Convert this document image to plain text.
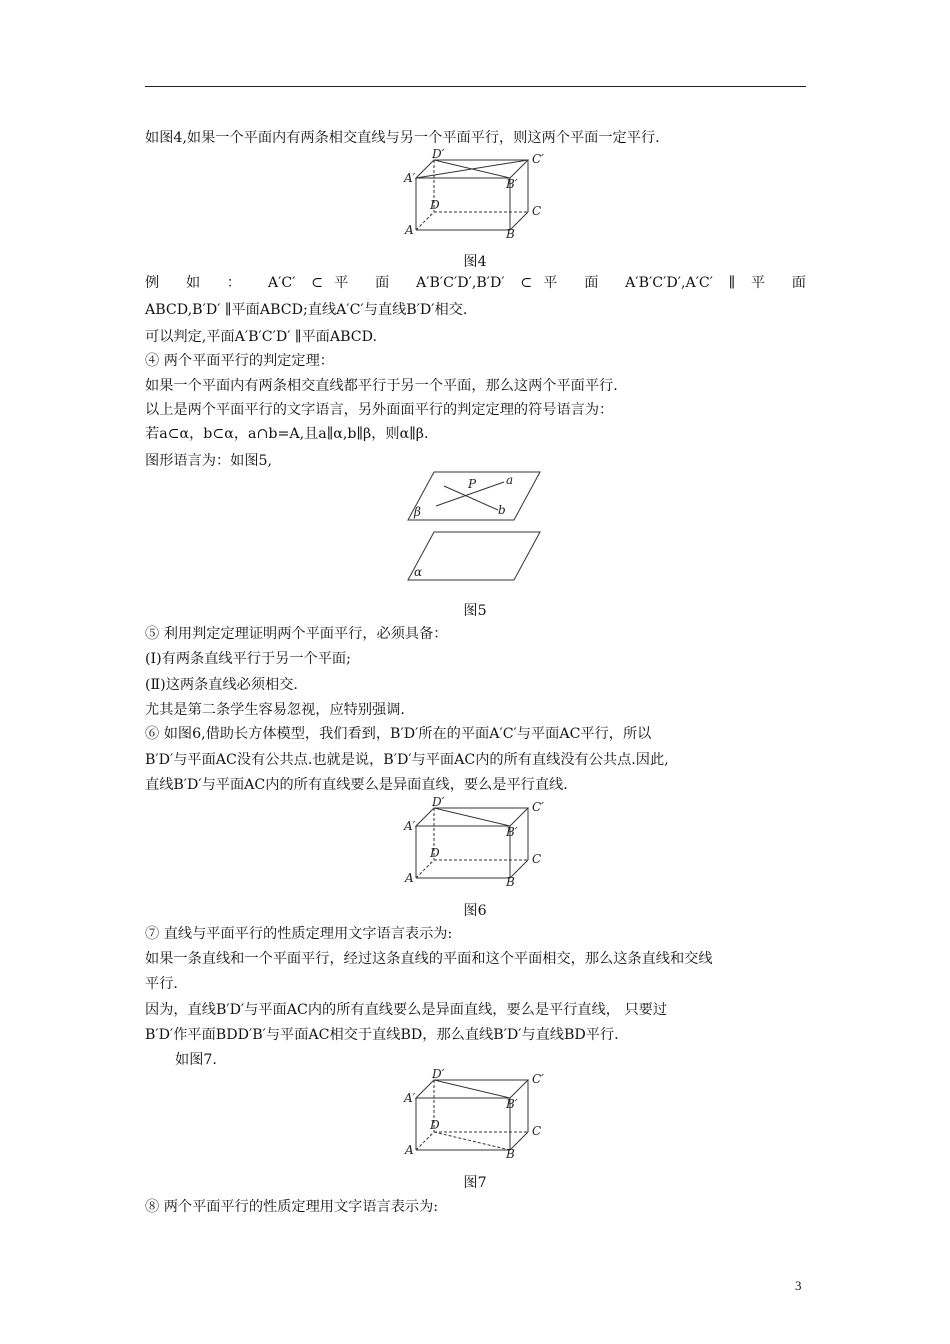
如图4,如果一个平面内有两条相交直线与另一个平面平行，则这两个平面一定平行.
D′	C′
A′	B′
D	C
A	B
图4
例 如 ： A′C′ ⊂平 面 A′B′C′D′,B′D′ ⊂平 面 A′B′C′D′,A′C′ ∥ 平 面
ABCD,B′D′ ∥平面ABCD;直线A′C′与直线B′D′相交.
可以判定,平面A′B′C′D′ ∥平面ABCD.
④ 两个平面平行的判定定理：
如果一个平面内有两条相交直线都平行于另一个平面，那么这两个平面平行.
以上是两个平面平行的文字语言，另外面面平行的判定定理的符号语言为：
若a⊂α，b⊂α，a∩b=A,且a∥α,b∥β，则α∥β.
图形语言为：如图5,
P a
b
β
α
图5
⑤ 利用判定定理证明两个平面平行，必须具备：
(Ⅰ)有两条直线平行于另一个平面;
(Ⅱ)这两条直线必须相交.
尤其是第二条学生容易忽视，应特别强调.
⑥ 如图6,借助长方体模型，我们看到，B′D′所在的平面A′C′与平面AC平行，所以
B′D′与平面AC没有公共点.也就是说，B′D′与平面AC内的所有直线没有公共点.因此,
直线B′D′与平面AC内的所有直线要么是异面直线，要么是平行直线.
D′	C′
A′	B′
D	C
A	B
图6
⑦ 直线与平面平行的性质定理用文字语言表示为:
如果一条直线和一个平面平行，经过这条直线的平面和这个平面相交，那么这条直线和交线
平行.
因为，直线B′D′与平面AC内的所有直线要么是异面直线，要么是平行直线， 只要过
B′D′作平面BDD′B′与平面AC相交于直线BD，那么直线B′D′与直线BD平行.
如图7.
D′	C′
A′	B′
D	C
A	B
图7
⑧ 两个平面平行的性质定理用文字语言表示为:
3
